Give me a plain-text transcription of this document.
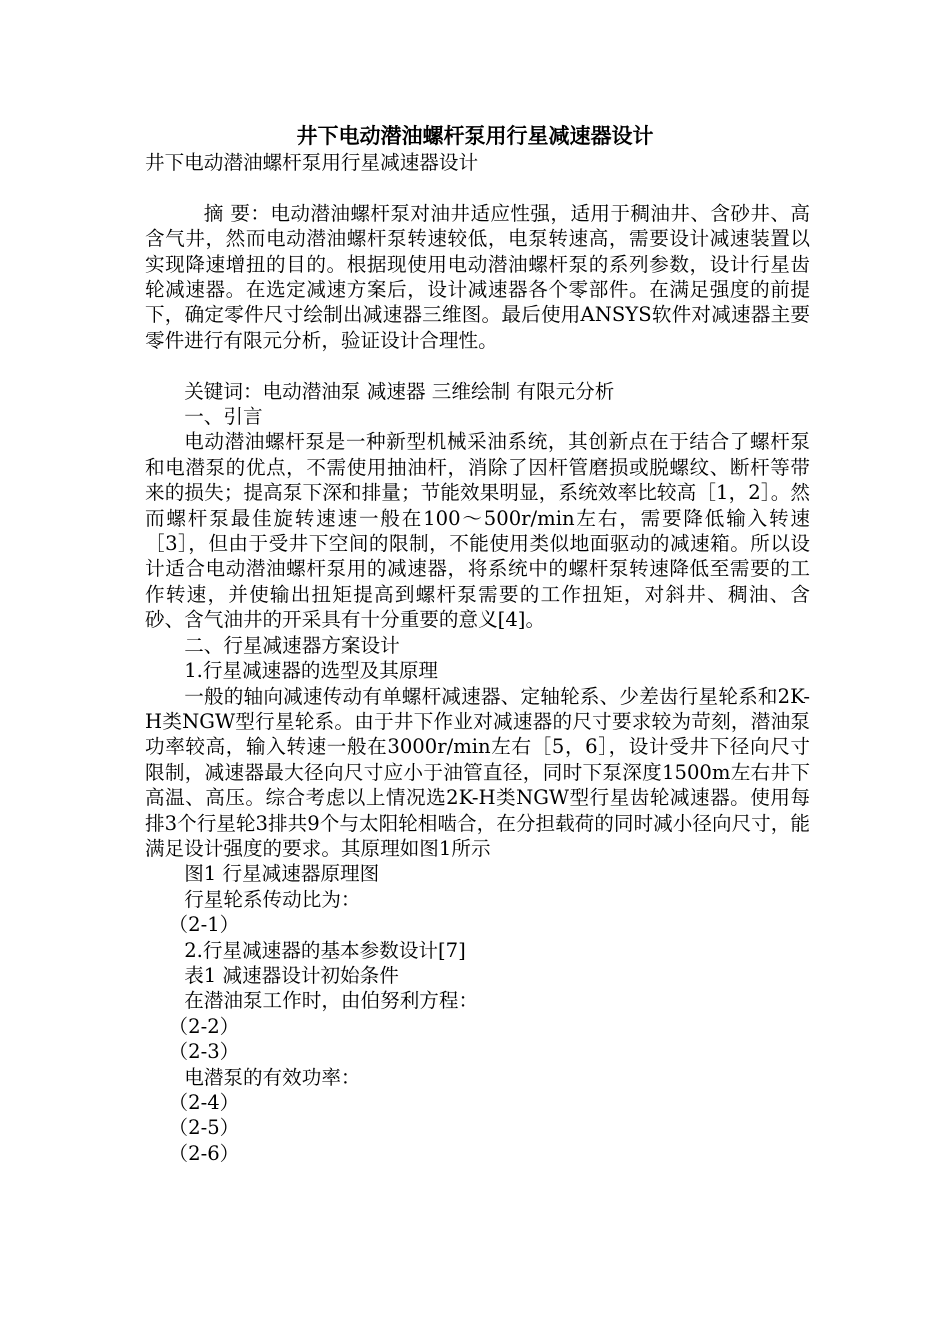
井下电动潜油螺杆泵用行星减速器设计

井下电动潜油螺杆泵用行星减速器设计

摘 要：电动潜油螺杆泵对油井适应性强，适用于稠油井、含砂井、高含气井，然而电动潜油螺杆泵转速较低，电泵转速高，需要设计减速装置以实现降速增扭的目的。根据现使用电动潜油螺杆泵的系列参数，设计行星齿轮减速器。在选定减速方案后，设计减速器各个零部件。在满足强度的前提下，确定零件尺寸绘制出减速器三维图。最后使用ANSYS软件对减速器主要零件进行有限元分析，验证设计合理性。

关键词：电动潜油泵 减速器 三维绘制 有限元分析

一、引言

电动潜油螺杆泵是一种新型机械采油系统，其创新点在于结合了螺杆泵和电潜泵的优点，不需使用抽油杆，消除了因杆管磨损或脱螺纹、断杆等带来的损失；提高泵下深和排量；节能效果明显，系统效率比较高［1，2］。然而螺杆泵最佳旋转速速一般在100～500r/min左右，需要降低输入转速［3］，但由于受井下空间的限制，不能使用类似地面驱动的减速箱。所以设计适合电动潜油螺杆泵用的减速器，将系统中的螺杆泵转速降低至需要的工作转速，并使输出扭矩提高到螺杆泵需要的工作扭矩，对斜井、稠油、含砂、含气油井的开采具有十分重要的意义[4]。

二、行星减速器方案设计

1.行星减速器的选型及其原理

一般的轴向减速传动有单螺杆减速器、定轴轮系、少差齿行星轮系和2K-H类NGW型行星轮系。由于井下作业对减速器的尺寸要求较为苛刻，潜油泵功率较高，输入转速一般在3000r/min左右［5，6］，设计受井下径向尺寸限制，减速器最大径向尺寸应小于油管直径，同时下泵深度1500m左右井下高温、高压。综合考虑以上情况选2K-H类NGW型行星齿轮减速器。使用每排3个行星轮3排共9个与太阳轮相啮合，在分担载荷的同时减小径向尺寸，能满足设计强度的要求。其原理如图1所示

图1 行星减速器原理图

行星轮系传动比为：

（2-1）

2.行星减速器的基本参数设计[7]

表1 减速器设计初始条件

在潜油泵工作时，由伯努利方程：

（2-2）

（2-3）

电潜泵的有效功率：

（2-4）

（2-5）

（2-6）
